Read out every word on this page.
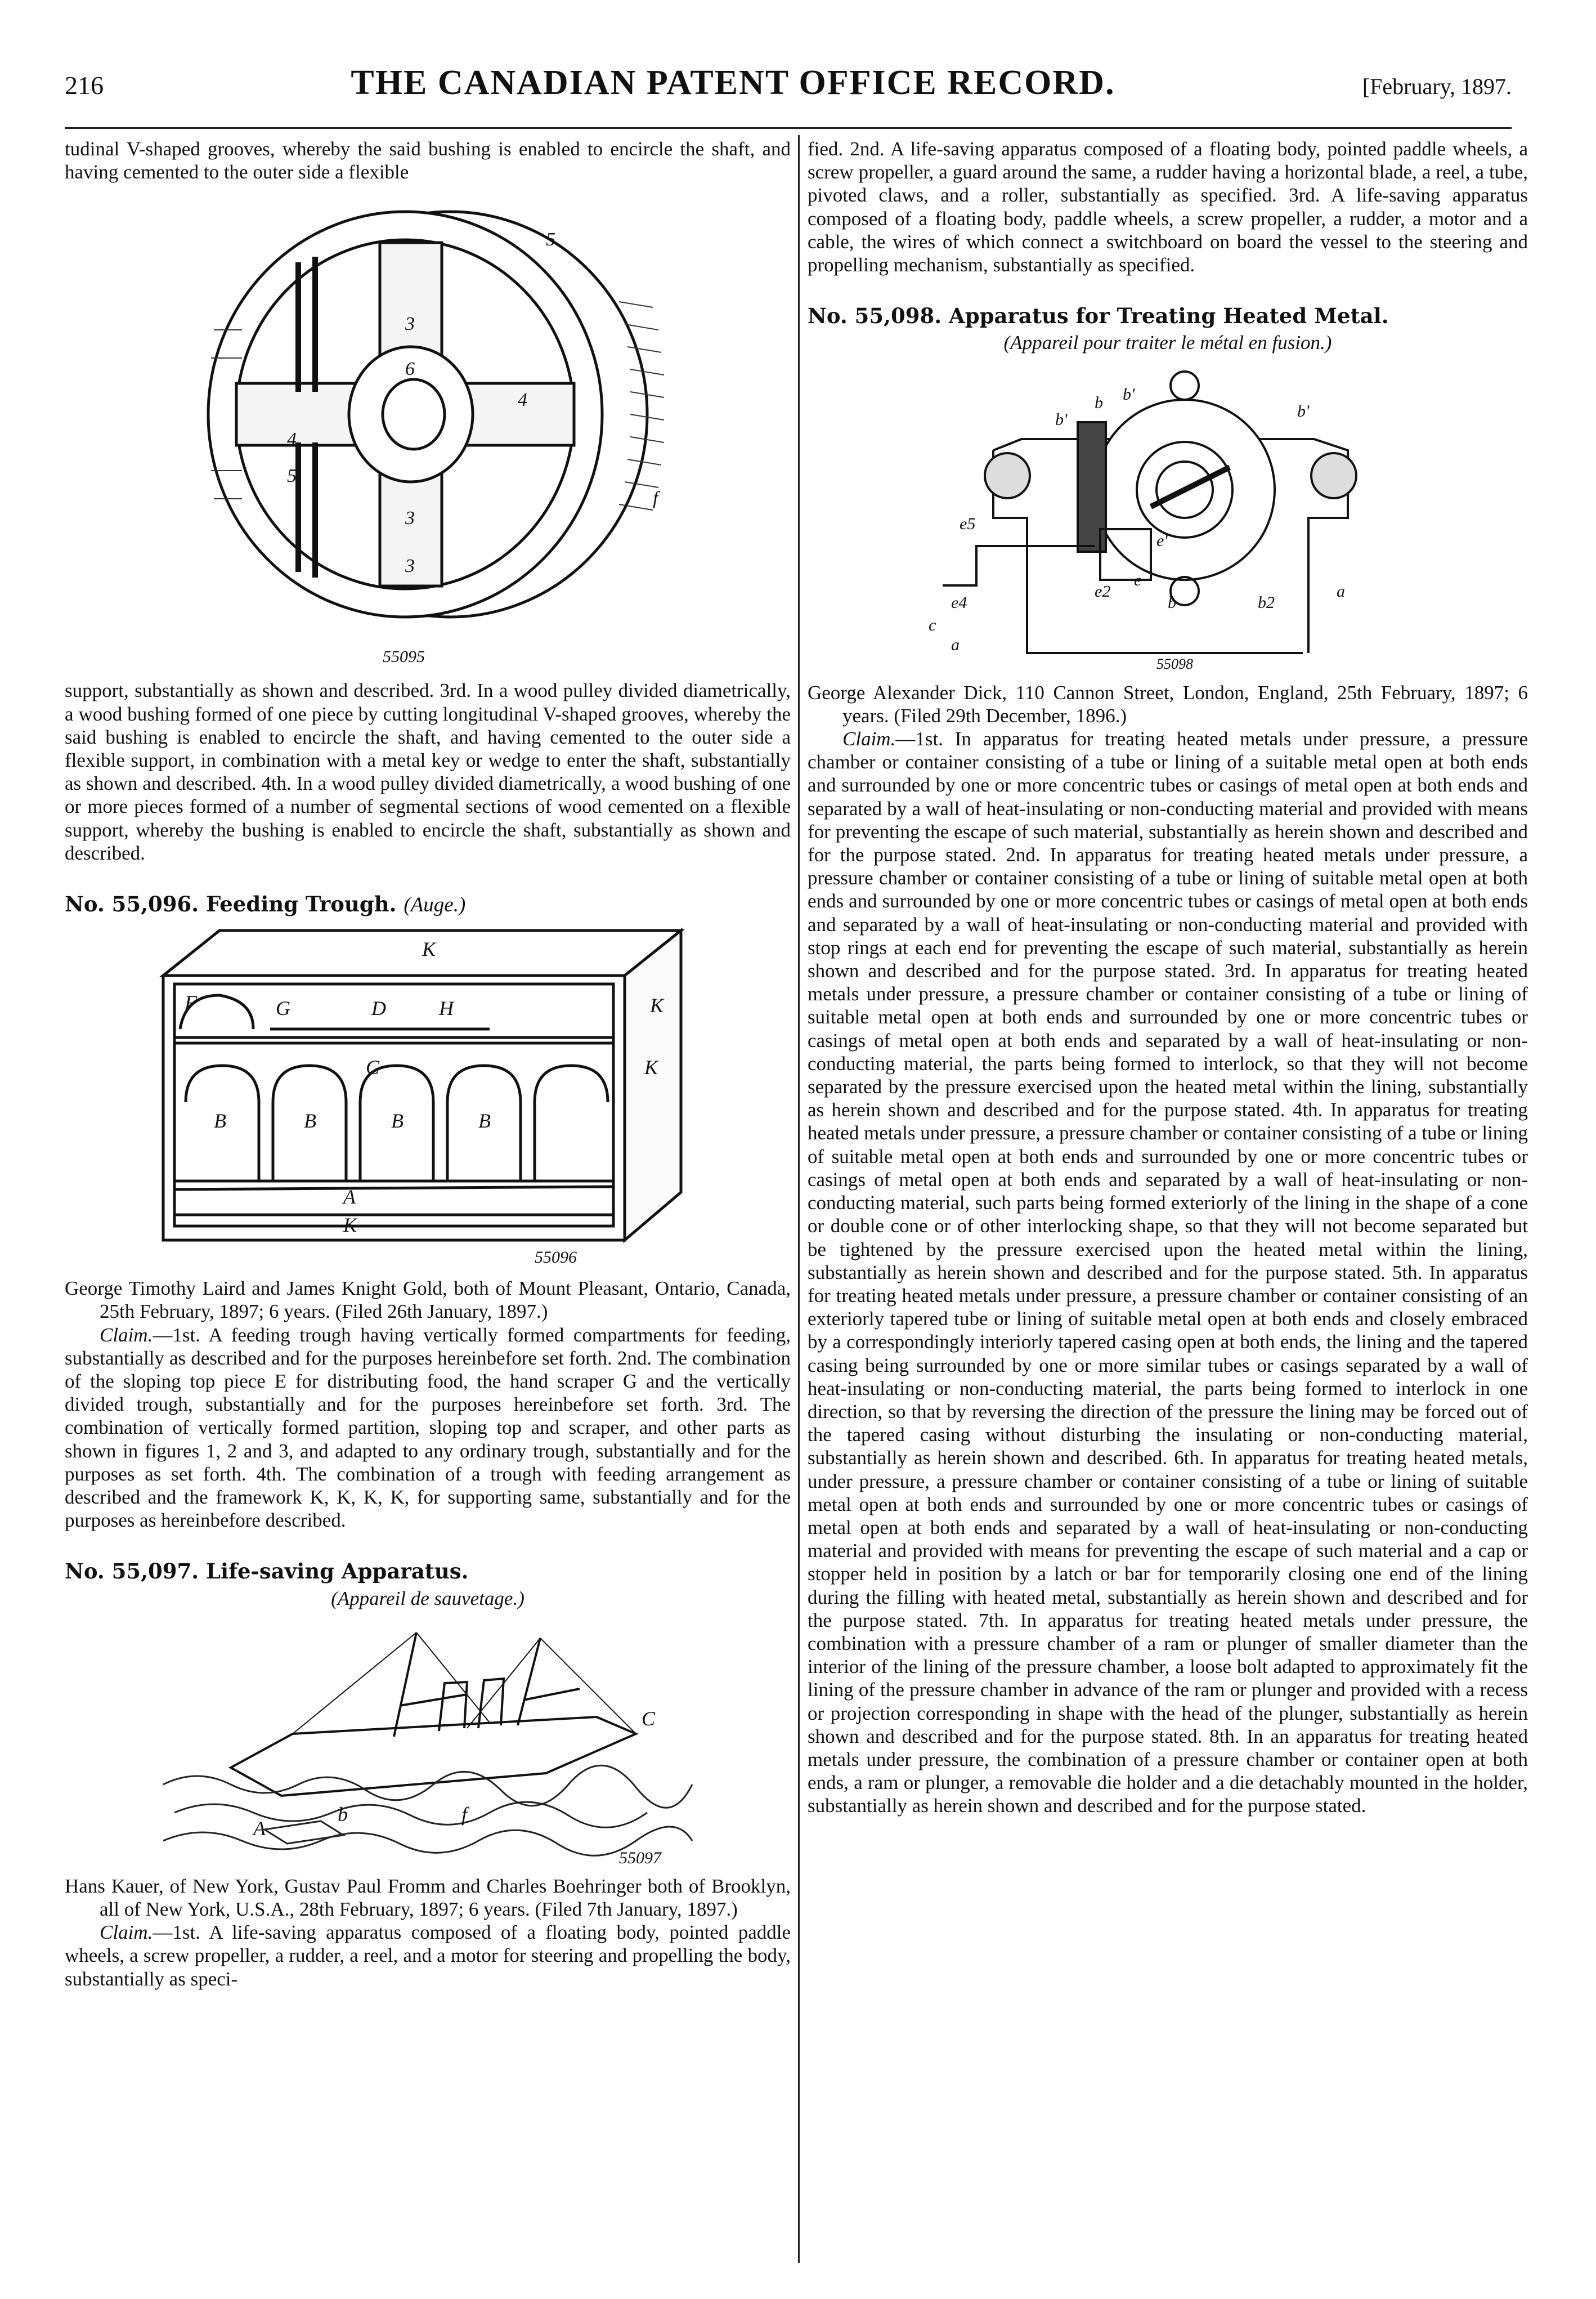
216	THE CANADIAN PATENT OFFICE RECORD.	[February, 1897.

tudinal V-shaped grooves, whereby the said bushing is enabled to encircle the shaft, and having cemented to the outer side a flexible

5
3
6
4
4
5
3
3
f
55095

support, substantially as shown and described. 3rd. In a wood pulley divided diametrically, a wood bushing formed of one piece by cutting longitudinal V-shaped grooves, whereby the said bushing is enabled to encircle the shaft, and having cemented to the outer side a flexible support, in combination with a metal key or wedge to enter the shaft, substantially as shown and described. 4th. In a wood pulley divided diametrically, a wood bushing of one or more pieces formed of a number of segmental sections of wood cemented on a flexible support, whereby the bushing is enabled to encircle the shaft, substantially as shown and described.

No. 55,096. Feeding Trough. (Auge.)

K
F	G	D	H
C	K
B	B	B	B
A
K
K
55096

George Timothy Laird and James Knight Gold, both of Mount Pleasant, Ontario, Canada, 25th February, 1897; 6 years. (Filed 26th January, 1897.)

Claim.—1st. A feeding trough having vertically formed compartments for feeding, substantially as described and for the purposes hereinbefore set forth. 2nd. The combination of the sloping top piece E for distributing food, the hand scraper G and the vertically divided trough, substantially and for the purposes hereinbefore set forth. 3rd. The combination of vertically formed partition, sloping top and scraper, and other parts as shown in figures 1, 2 and 3, and adapted to any ordinary trough, substantially and for the purposes as set forth. 4th. The combination of a trough with feeding arrangement as described and the framework K, K, K, K, for supporting same, substantially and for the purposes as hereinbefore described.

No. 55,097. Life-saving Apparatus.

(Appareil de sauvetage.)

C
f
b
A
55097

Hans Kauer, of New York, Gustav Paul Fromm and Charles Boehringer both of Brooklyn, all of New York, U.S.A., 28th February, 1897; 6 years. (Filed 7th January, 1897.)

Claim.—1st. A life-saving apparatus composed of a floating body, pointed paddle wheels, a screw propeller, a rudder, a reel, and a motor for steering and propelling the body, substantially as speci-

fied. 2nd. A life-saving apparatus composed of a floating body, pointed paddle wheels, a screw propeller, a guard around the same, a rudder having a horizontal blade, a reel, a tube, pivoted claws, and a roller, substantially as specified. 3rd. A life-saving apparatus composed of a floating body, paddle wheels, a screw propeller, a rudder, a motor and a cable, the wires of which connect a switchboard on board the vessel to the steering and propelling mechanism, substantially as specified.

No. 55,098. Apparatus for Treating Heated Metal.

(Appareil pour traiter le métal en fusion.)

b'
b b'
b'
e5
e'
e2
e
b	b2
a
e4
c
a
55098

George Alexander Dick, 110 Cannon Street, London, England, 25th February, 1897; 6 years. (Filed 29th December, 1896.)

Claim.—1st. In apparatus for treating heated metals under pressure, a pressure chamber or container consisting of a tube or lining of a suitable metal open at both ends and surrounded by one or more concentric tubes or casings of metal open at both ends and separated by a wall of heat-insulating or non-conducting material and provided with means for preventing the escape of such material, substantially as herein shown and described and for the purpose stated. 2nd. In apparatus for treating heated metals under pressure, a pressure chamber or container consisting of a tube or lining of suitable metal open at both ends and surrounded by one or more concentric tubes or casings of metal open at both ends and separated by a wall of heat-insulating or non-conducting material and provided with stop rings at each end for preventing the escape of such material, substantially as herein shown and described and for the purpose stated. 3rd. In apparatus for treating heated metals under pressure, a pressure chamber or container consisting of a tube or lining of suitable metal open at both ends and surrounded by one or more concentric tubes or casings of metal open at both ends and separated by a wall of heat-insulating or non-conducting material, the parts being formed to interlock, so that they will not become separated by the pressure exercised upon the heated metal within the lining, substantially as herein shown and described and for the purpose stated. 4th. In apparatus for treating heated metals under pressure, a pressure chamber or container consisting of a tube or lining of suitable metal open at both ends and surrounded by one or more concentric tubes or casings of metal open at both ends and separated by a wall of heat-insulating or non-conducting material, such parts being formed exteriorly of the lining in the shape of a cone or double cone or of other interlocking shape, so that they will not become separated but be tightened by the pressure exercised upon the heated metal within the lining, substantially as herein shown and described and for the purpose stated. 5th. In apparatus for treating heated metals under pressure, a pressure chamber or container consisting of an exteriorly tapered tube or lining of suitable metal open at both ends and closely embraced by a correspondingly interiorly tapered casing open at both ends, the lining and the tapered casing being surrounded by one or more similar tubes or casings separated by a wall of heat-insulating or non-conducting material, the parts being formed to interlock in one direction, so that by reversing the direction of the pressure the lining may be forced out of the tapered casing without disturbing the insulating or non-conducting material, substantially as herein shown and described. 6th. In apparatus for treating heated metals, under pressure, a pressure chamber or container consisting of a tube or lining of suitable metal open at both ends and surrounded by one or more concentric tubes or casings of metal open at both ends and separated by a wall of heat-insulating or non-conducting material and provided with means for preventing the escape of such material and a cap or stopper held in position by a latch or bar for temporarily closing one end of the lining during the filling with heated metal, substantially as herein shown and described and for the purpose stated. 7th. In apparatus for treating heated metals under pressure, the combination with a pressure chamber of a ram or plunger of smaller diameter than the interior of the lining of the pressure chamber, a loose bolt adapted to approximately fit the lining of the pressure chamber in advance of the ram or plunger and provided with a recess or projection corresponding in shape with the head of the plunger, substantially as herein shown and described and for the purpose stated. 8th. In an apparatus for treating heated metals under pressure, the combination of a pressure chamber or container open at both ends, a ram or plunger, a removable die holder and a die detachably mounted in the holder, substantially as herein shown and described and for the purpose stated.
